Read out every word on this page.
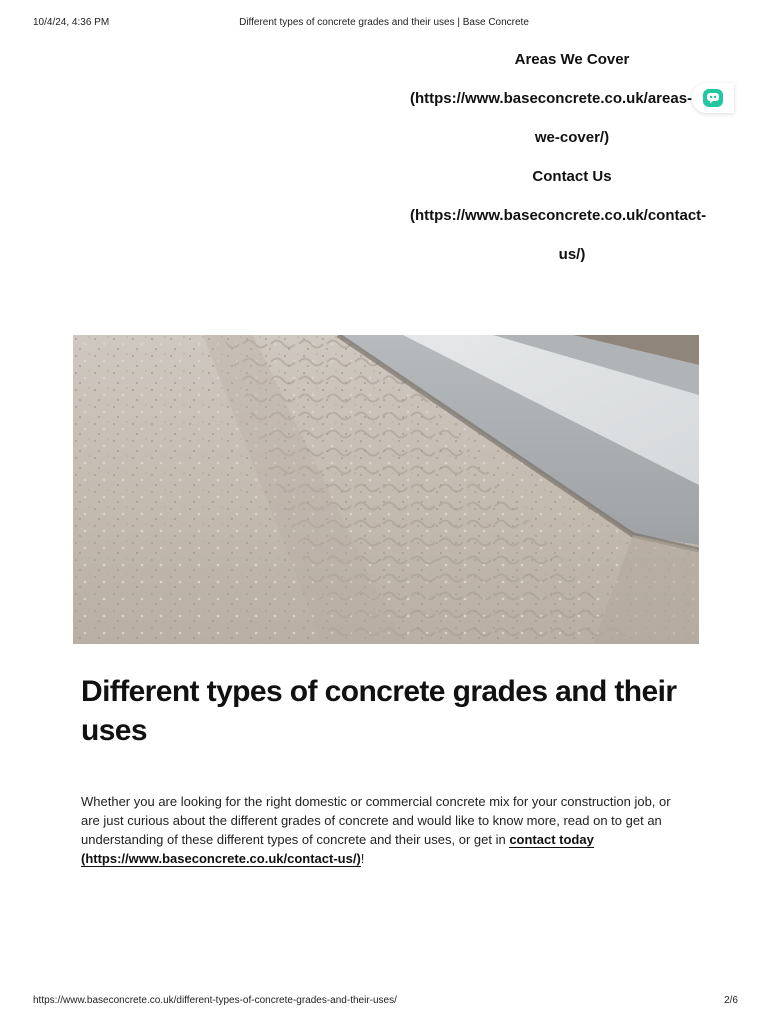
10/4/24, 4:36 PM	Different types of concrete grades and their uses | Base Concrete
Areas We Cover
(https://www.baseconcrete.co.uk/areas-
we-cover/)
Contact Us
(https://www.baseconcrete.co.uk/contact-
us/)
Different types of concrete grades and their uses

Whether you are looking for the right domestic or commercial concrete mix for your construction job, or are just curious about the different grades of concrete and would like to know more, read on to get an understanding of these different types of concrete and their uses, or get in contact today (https://www.baseconcrete.co.uk/contact-us/)!

https://www.baseconcrete.co.uk/different-types-of-concrete-grades-and-their-uses/	2/6
